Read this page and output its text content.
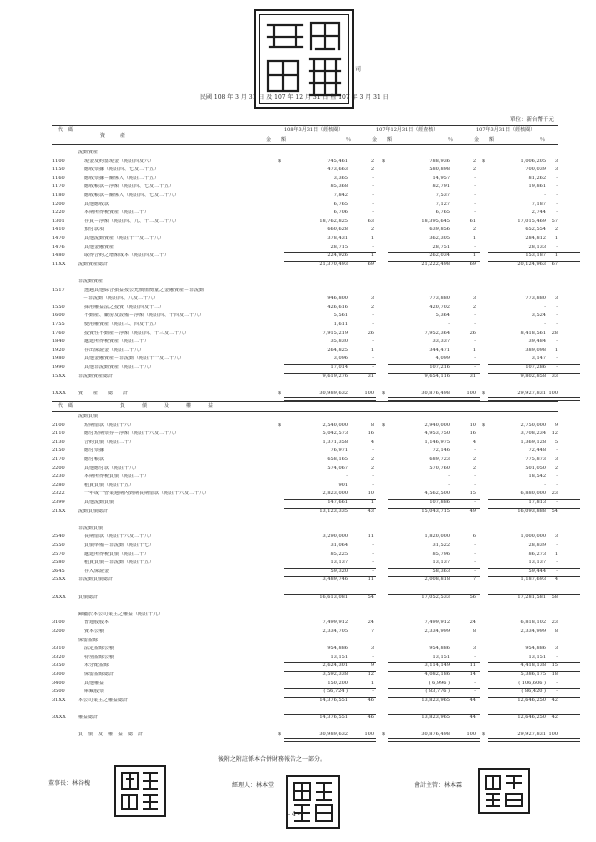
司
民國 108 年 3 月 31 日 及 107 年 12 月 31 日 暨 107 年 3 月 31 日
單位：新台幣千元
代　碼
資　　　產
108年3月31日（經核閱）	107年12月31日（經查核）	107年3月31日（經核閱）
金　　額	％	金　　額	％	金　　額	％
流動資產
1100	現金及約當現金（附註四及六）	$	745,461	2 $	788,936	2 $	1,006,205	3
1150	應收票據（附註四、七及二十五）	473,663	2	580,898	2	700,039	3
1160	應收票據－關係人（附註二十五）	3,365	-	14,957	-	81,262	-
1170	應收帳款－淨額（附註四、七及二十五）	85,368	-	82,791	-	19,861	-
1180	應收帳款－關係人（附註四、七及二十八）	7,842	-	7,537	-	-	-
1200	其他應收款	6,765	-	7,127	-	7,187	-
1220	本期所得稅資產（附註二十）	6,706	-	6,765	-	2,744	-
1301	存貨－淨額（附註四、九、十二及二十八）	18,762,825	63	18,395,645	61	17,015,469	57
1410	預付款項	660,628	2	639,856	2	652,554	2
1470	其他流動資產（附註十一及二十八）	378,431	1	362,305	1	284,812	1
1476	其他金融資產	28,715	-	28,751	-	28,133	-
1480	取得合約之增額成本（附註四及二十）	224,926	1	262,034	1	153,187	1
11XX	流動資產總計	21,370,493	69	21,222,498	69	20,124,963	67
非流動資產
1517	透過其他綜合損益按公允價值衡量之金融資產－非流動
　－非流動（附註四、八及二十八）	946,800	3	773,880	3	773,880	3
1550	採用權益法之投資（附註四及十二）	426,616	2	420,702	2	-	-
1600	不動產、廠房及設備－淨額（附註四、十四及二十八）	5,561	-	5,364	-	3,524	-
1755	使用權資產（附註三、四及十五）	1,611	-	-	-	-	-
1760	投資性不動產－淨額（附註四、十三及二十八）	7,915,219	26	7,952,364	26	8,418,561	28
1840	遞延所得稅資產（附註二十）	35,830	-	33,337	-	39,484	-
1920	存出保證金（附註二十八）	264,825	1	344,471	1	389,098	1
1980	其他金融資產－非流動（附註十一及二十八）	3,096	-	4,099	-	3,147	-
1990	其他非流動資產（附註二十八）	17,014	-	107,216	-	107,286	-
15XX	非流動資產總計	9,619,276	31	9,654,116	31	9,802,858	33
1XXX	資　　產　　總　　計	$	30,989,632	100 $	30,876,498	100 $	29,927,831 100
代　碼	負　債　及　權　益
流動負債
2100	短期借款（附註十六）	$	2,540,000	8 $	2,940,000	10 $	2,750,000	9
2110	應付短期票券－淨額（附註十六及二十八）	5,042,573	16	4,953,750	16	3,708,234	12
2130	合約負債（附註二十）	1,371,358	4	1,146,975	4	1,369,128	5
2150	應付票據	76,971	-	72,146	-	72,448	-
2170	應付帳款	658,165	2	689,723	2	775,873	3
2200	其他應付款（附註十八）	574,067	2	570,760	2	501,050	2
2230	本期所得稅負債（附註二十）	-	-	-	-	18,542	-
2280	租賃負債（附註十五）	901	-	-	-	-	-
2322	一年或一營業週期內到期長期借款（附註十六及二十八）	2,823,000	10	4,562,500	15	6,880,000	23
2399	其他流動負債	147,661	1	107,886	-	17,813	-
21XX	流動負債總計	13,123,335	43	15,043,715	49	16,093,888	54
非流動負債
2540	長期借款（附註十六及二十八）	3,290,000	11	1,820,000	6	1,000,000	3
2550	負債準備－非流動（附註十七）	31,064	-	31,522	-	28,839	-
2570	遞延所得稅負債（附註二十）	85,225	-	85,796	-	86,273	1
2580	租賃負債－非流動（附註十五）	13,137	-	13,137	-	13,137	-
2645	存入保證金	59,320	-	58,363	-	59,444	-
25XX	非流動負債總計	3,489,746	11	2,008,818	7	1,187,693	4
2XXX	負債總計	16,613,081	54	17,052,533	56	17,281,581	58
歸屬於本公司業主之權益（附註十九）
3100	普通股股本	7,499,912	24	7,499,912	24	6,818,102	23
3200	資本公積	2,334,705	7	2,334,999	8	2,334,999	8
保留盈餘
3310	法定盈餘公積	954,886	3	954,886	3	954,886	3
3320	特別盈餘公積	13,151	-	13,151	-	13,151	-
3350	未分配盈餘	2,624,301	9	3,114,149	11	4,418,138	15
3300	保留盈餘總計	3,592,338	12	4,082,186	14	5,386,175	18
3400	其他權益	150,200	1	( 6,996 )	-	( 106,606 )	-
3500	庫藏股票	( 56,724 )	-	( 83,776 )	-	( 86,420 )	-
31XX	本公司業主之權益總計	14,376,551	46	13,823,965	44	12,646,250	42
3XXX	權益總計	14,376,551	46	13,823,965	44	12,646,250	42
負　債　及　權　益　總　計	$	30,989,632	100 $	30,876,498	100 $	29,927,831 100
後附之附註係本合併財務報告之一部分。
董事長：林谷槐	經理人：林本堂	會計主管：林本霖
- 4 -
